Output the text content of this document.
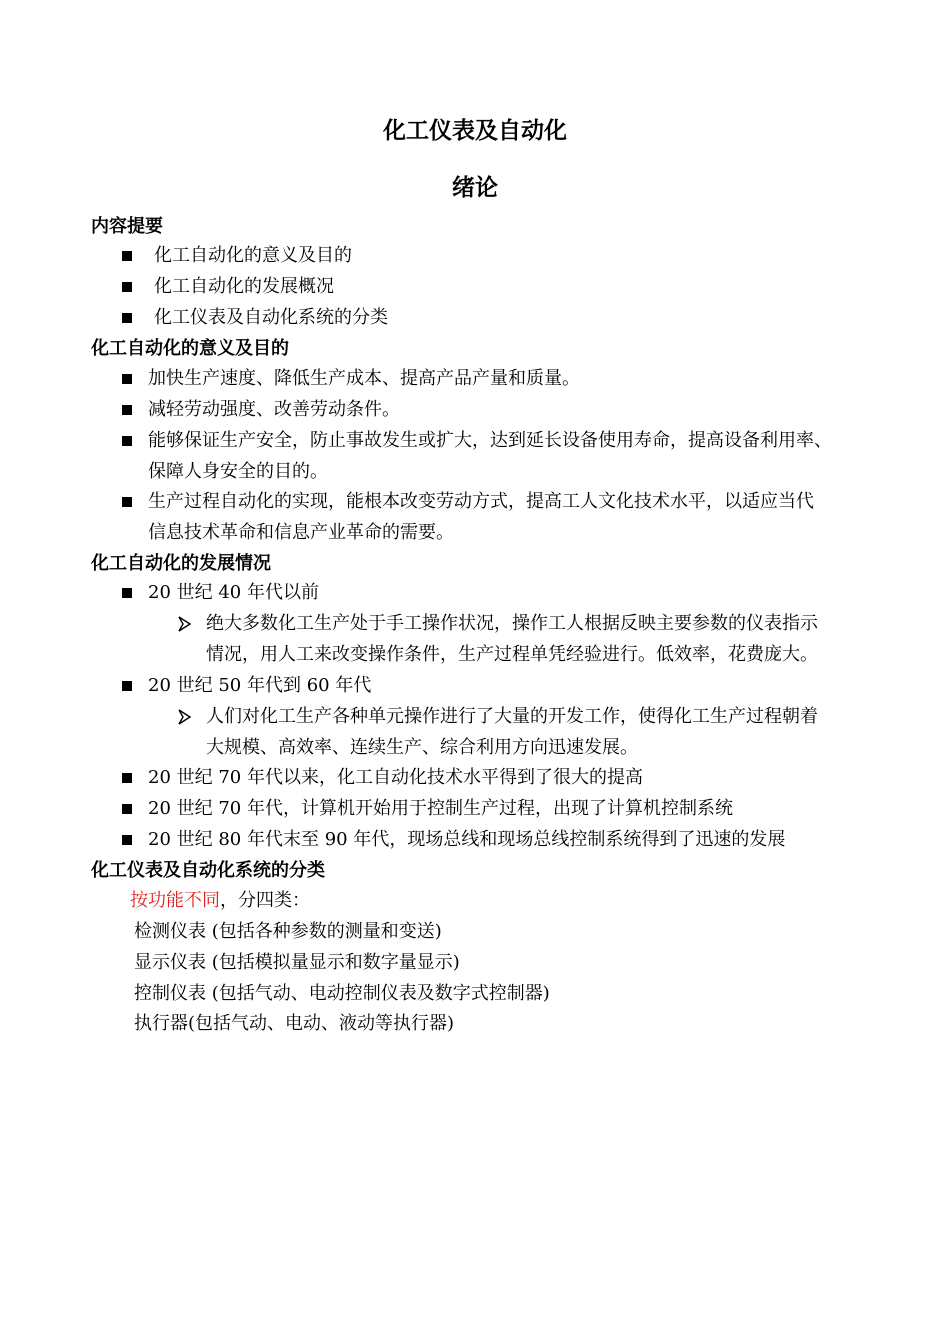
化工仪表及自动化
绪论
内容提要
化工自动化的意义及目的
化工自动化的发展概况
化工仪表及自动化系统的分类
化工自动化的意义及目的
加快生产速度、降低生产成本、提高产品产量和质量。
减轻劳动强度、改善劳动条件。
能够保证生产安全，防止事故发生或扩大，达到延长设备使用寿命，提高设备利用率、
保障人身安全的目的。
生产过程自动化的实现，能根本改变劳动方式，提高工人文化技术水平，以适应当代
信息技术革命和信息产业革命的需要。
化工自动化的发展情况
20 世纪 40 年代以前
绝大多数化工生产处于手工操作状况，操作工人根据反映主要参数的仪表指示
情况，用人工来改变操作条件，生产过程单凭经验进行。低效率，花费庞大。
20 世纪 50 年代到 60 年代
人们对化工生产各种单元操作进行了大量的开发工作，使得化工生产过程朝着
大规模、高效率、连续生产、综合利用方向迅速发展。
20 世纪 70 年代以来，化工自动化技术水平得到了很大的提高
20 世纪 70 年代，计算机开始用于控制生产过程，出现了计算机控制系统
20 世纪 80 年代末至 90 年代，现场总线和现场总线控制系统得到了迅速的发展
化工仪表及自动化系统的分类
按功能不同，分四类：
检测仪表 (包括各种参数的测量和变送)
显示仪表 (包括模拟量显示和数字量显示)
控制仪表 (包括气动、电动控制仪表及数字式控制器)
执行器(包括气动、电动、液动等执行器)
